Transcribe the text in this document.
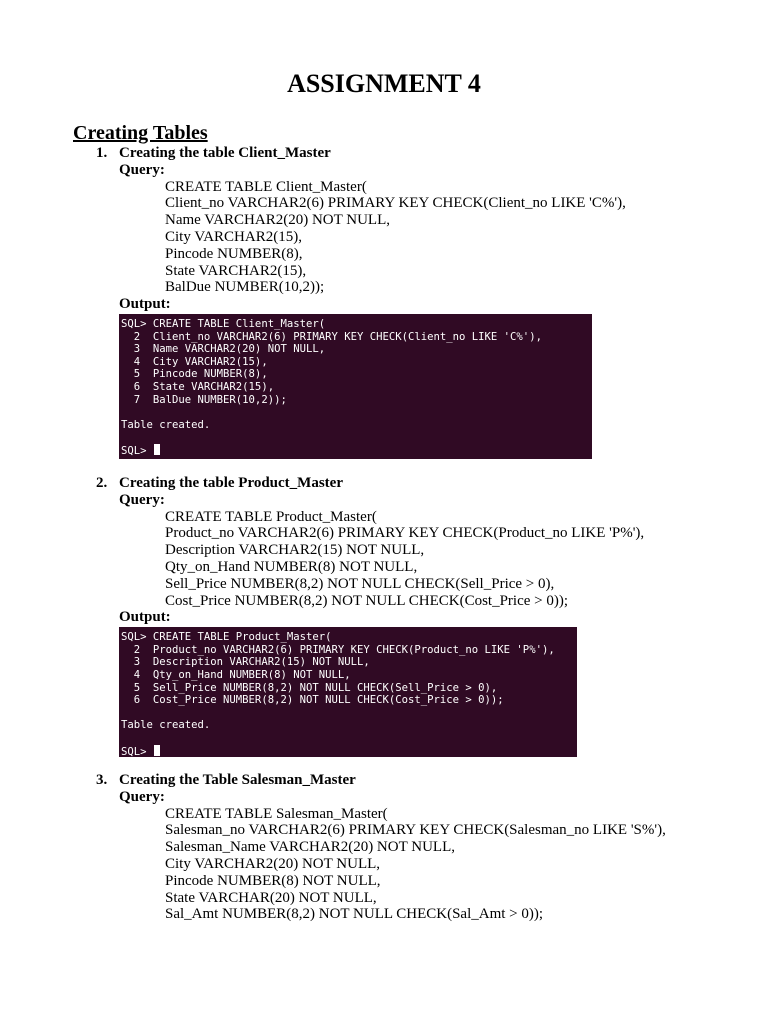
ASSIGNMENT 4
Creating Tables
1. Creating the table Client_Master
Query:
CREATE TABLE Client_Master(
Client_no VARCHAR2(6) PRIMARY KEY CHECK(Client_no LIKE 'C%'),
Name VARCHAR2(20) NOT NULL,
City VARCHAR2(15),
Pincode NUMBER(8),
State VARCHAR2(15),
BalDue NUMBER(10,2));
Output:
SQL> CREATE TABLE Client_Master(
2  Client_no VARCHAR2(6) PRIMARY KEY CHECK(Client_no LIKE 'C%'),
3  Name VARCHAR2(20) NOT NULL,
4  City VARCHAR2(15),
5  Pincode NUMBER(8),
6  State VARCHAR2(15),
7  BalDue NUMBER(10,2));
Table created.
SQL>
2. Creating the table Product_Master
Query:
CREATE TABLE Product_Master(
Product_no VARCHAR2(6) PRIMARY KEY CHECK(Product_no LIKE 'P%'),
Description VARCHAR2(15) NOT NULL,
Qty_on_Hand NUMBER(8) NOT NULL,
Sell_Price NUMBER(8,2) NOT NULL CHECK(Sell_Price > 0),
Cost_Price NUMBER(8,2) NOT NULL CHECK(Cost_Price > 0));
Output:
SQL> CREATE TABLE Product_Master(
2  Product_no VARCHAR2(6) PRIMARY KEY CHECK(Product_no LIKE 'P%'),
3  Description VARCHAR2(15) NOT NULL,
4  Qty_on_Hand NUMBER(8) NOT NULL,
5  Sell_Price NUMBER(8,2) NOT NULL CHECK(Sell_Price > 0),
6  Cost_Price NUMBER(8,2) NOT NULL CHECK(Cost_Price > 0));
Table created.
SQL>
3. Creating the Table Salesman_Master
Query:
CREATE TABLE Salesman_Master(
Salesman_no VARCHAR2(6) PRIMARY KEY CHECK(Salesman_no LIKE 'S%'),
Salesman_Name VARCHAR2(20) NOT NULL,
City VARCHAR2(20) NOT NULL,
Pincode NUMBER(8) NOT NULL,
State VARCHAR(20) NOT NULL,
Sal_Amt NUMBER(8,2) NOT NULL CHECK(Sal_Amt > 0));
